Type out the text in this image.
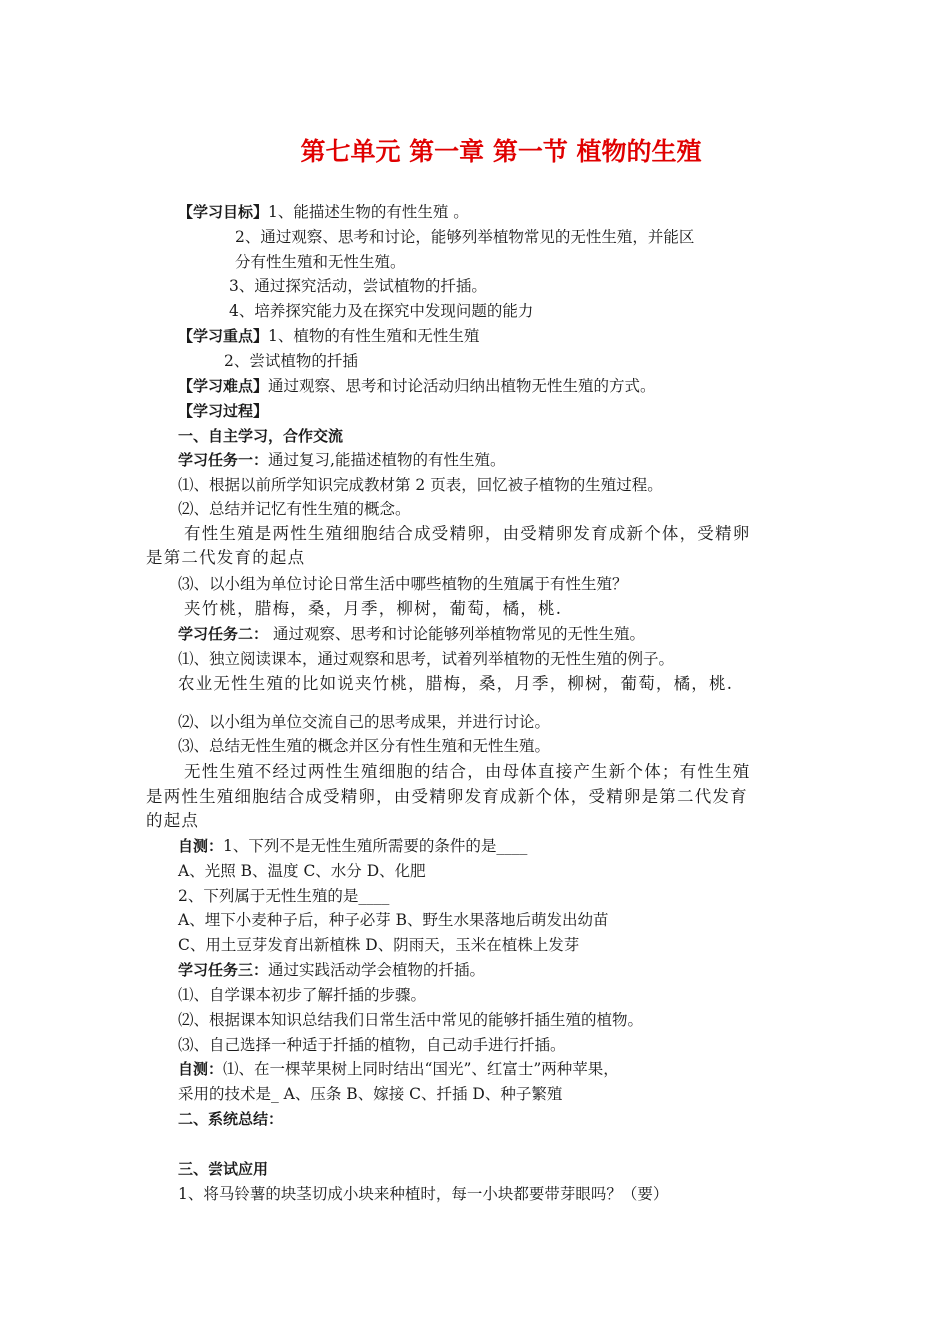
第七单元 第一章 第一节 植物的生殖
【学习目标】1、能描述生物的有性生殖 。
2、通过观察、思考和讨论，能够列举植物常见的无性生殖，并能区
分有性生殖和无性生殖。
3、通过探究活动，尝试植物的扦插。
4、培养探究能力及在探究中发现问题的能力
【学习重点】1、植物的有性生殖和无性生殖
2、尝试植物的扦插
【学习难点】通过观察、思考和讨论活动归纳出植物无性生殖的方式。
【学习过程】
一、自主学习，合作交流
学习任务一：通过复习,能描述植物的有性生殖。
⑴、根据以前所学知识完成教材第 2 页表，回忆被子植物的生殖过程。
⑵、总结并记忆有性生殖的概念。
有性生殖是两性生殖细胞结合成受精卵，由受精卵发育成新个体，受精卵
是第二代发育的起点
⑶、以小组为单位讨论日常生活中哪些植物的生殖属于有性生殖？
夹竹桃，腊梅，桑，月季，柳树，葡萄，橘，桃.
学习任务二： 通过观察、思考和讨论能够列举植物常见的无性生殖。
⑴、独立阅读课本，通过观察和思考，试着列举植物的无性生殖的例子。
农业无性生殖的比如说夹竹桃，腊梅，桑，月季，柳树，葡萄，橘，桃.
⑵、以小组为单位交流自己的思考成果，并进行讨论。
⑶、总结无性生殖的概念并区分有性生殖和无性生殖。
无性生殖不经过两性生殖细胞的结合，由母体直接产生新个体；有性生殖
是两性生殖细胞结合成受精卵，由受精卵发育成新个体，受精卵是第二代发育
的起点
自测：1、下列不是无性生殖所需要的条件的是____
A、光照 B、温度 C、水分 D、化肥
2、下列属于无性生殖的是____
A、埋下小麦种子后，种子必芽 B、野生水果落地后萌发出幼苗
C、用土豆芽发育出新植株 D、阴雨天，玉米在植株上发芽
学习任务三：通过实践活动学会植物的扦插。
⑴、自学课本初步了解扦插的步骤。
⑵、根据课本知识总结我们日常生活中常见的能够扦插生殖的植物。
⑶、自己选择一种适于扦插的植物，自己动手进行扦插。
自测：⑴、在一棵苹果树上同时结出“国光”、红富士”两种苹果，
采用的技术是_ A、压条 B、嫁接 C、扦插 D、种子繁殖
二、系统总结：
三、尝试应用
1、将马铃薯的块茎切成小块来种植时，每一小块都要带芽眼吗？（要）
